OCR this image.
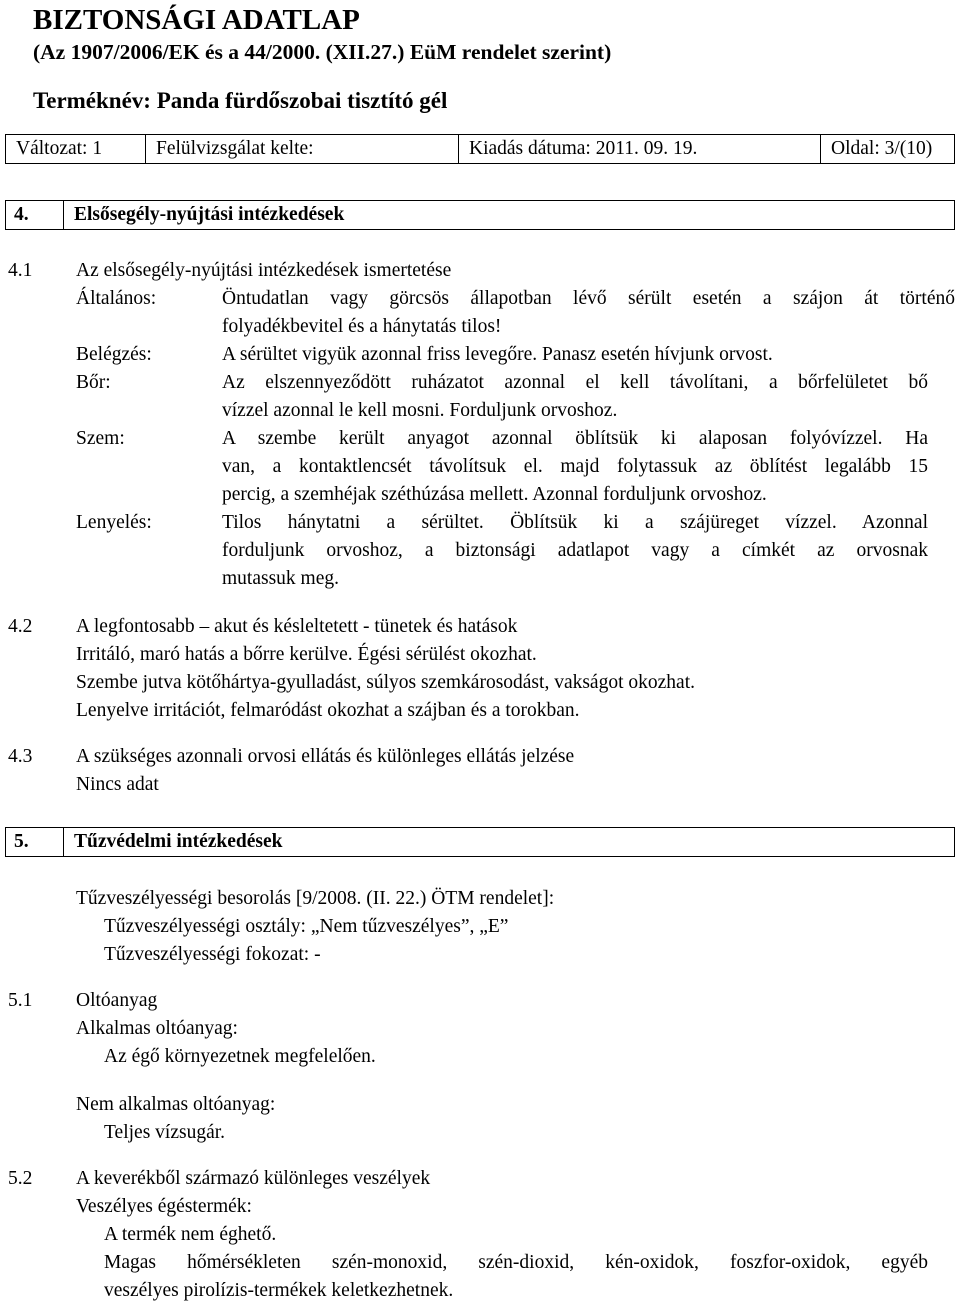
BIZTONSÁGI ADATLAP
(Az 1907/2006/EK és a 44/2000. (XII.27.) EüM rendelet szerint)
Terméknév: Panda fürdőszobai tisztító gél
Változat: 1	Felülvizsgálat kelte:	Kiadás dátuma: 2011. 09. 19.	Oldal: 3/(10)
4.	Elsősegély-nyújtási intézkedések
4.1 Az elsősegély-nyújtási intézkedések ismertetése
Általános:	Öntudatlan vagy görcsös állapotban lévő sérült esetén a szájon át történő
folyadékbevitel és a hánytatás tilos!
Belégzés:	A sérültet vigyük azonnal friss levegőre. Panasz esetén hívjunk orvost.
Bőr:	Az elszennyeződött ruházatot azonnal el kell távolítani, a bőrfelületet bő
vízzel azonnal le kell mosni. Forduljunk orvoshoz.
Szem:	A szembe került anyagot azonnal öblítsük ki alaposan folyóvízzel. Ha
van, a kontaktlencsét távolítsuk el. majd folytassuk az öblítést legalább 15
percig, a szemhéjak széthúzása mellett. Azonnal forduljunk orvoshoz.
Lenyelés:	Tilos hánytatni a sérültet. Öblítsük ki a szájüreget vízzel. Azonnal
forduljunk orvoshoz, a biztonsági adatlapot vagy a címkét az orvosnak
mutassuk meg.
4.2 A legfontosabb – akut és késleltetett - tünetek és hatások
Irritáló, maró hatás a bőrre kerülve. Égési sérülést okozhat.
Szembe jutva kötőhártya-gyulladást, súlyos szemkárosodást, vakságot okozhat.
Lenyelve irritációt, felmaródást okozhat a szájban és a torokban.
4.3 A szükséges azonnali orvosi ellátás és különleges ellátás jelzése
Nincs adat
5.	Tűzvédelmi intézkedések
Tűzveszélyességi besorolás [9/2008. (II. 22.) ÖTM rendelet]:
Tűzveszélyességi osztály: „Nem tűzveszélyes”, „E”
Tűzveszélyességi fokozat: -
5.1 Oltóanyag
Alkalmas oltóanyag:
Az égő környezetnek megfelelően.
Nem alkalmas oltóanyag:
Teljes vízsugár.
5.2 A keverékből származó különleges veszélyek
Veszélyes égéstermék:
A termék nem éghető.
Magas hőmérsékleten szén-monoxid, szén-dioxid, kén-oxidok, foszfor-oxidok, egyéb
veszélyes pirolízis-termékek keletkezhetnek.
